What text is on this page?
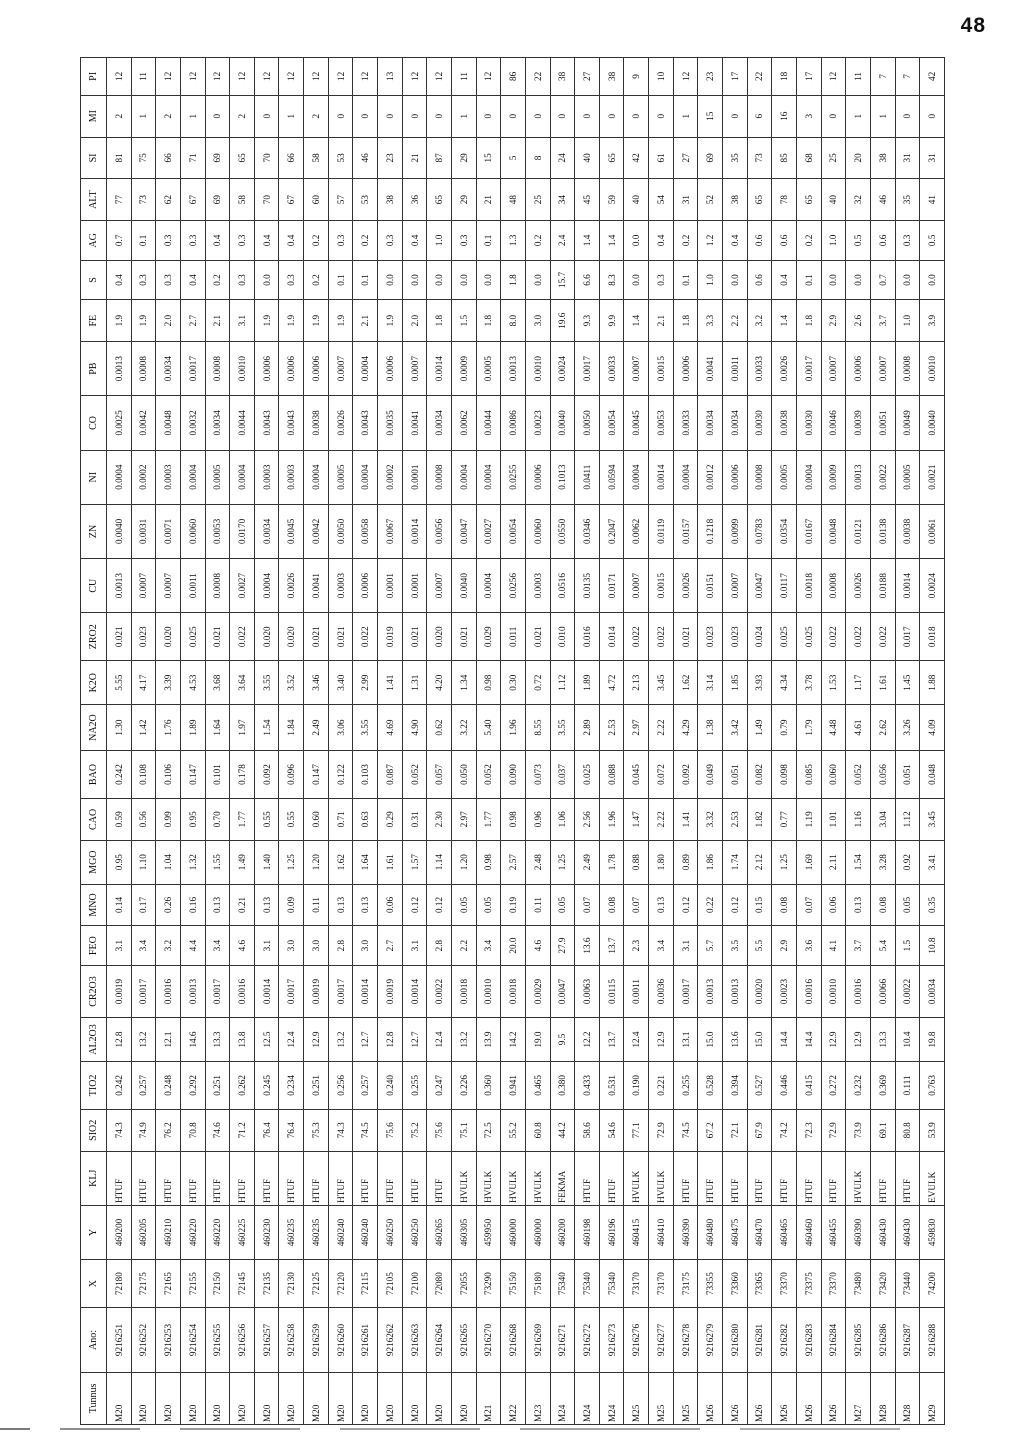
48
Tunnus	Ano:	X	Y	KLJ	SIO2	TIO2	AL2O3	CR2O3	FEO	MNO	MGO	CAO	BAO	NA2O	K2O	ZRO2	CU	ZN	NI	CO	PB	FE	S	AG	ALT	SI	MI	PI
M20	9216251	72180	460200	HTUF	74.3	0.242	12.8	0.0019	3.1	0.14	0.95	0.59	0.242	1.30	5.55	0.021	0.0013	0.0040	0.0004	0.0025	0.0013	1.9	0.4	0.7	77	81	2	12
M20	9216252	72175	460205	HTUF	74.9	0.257	13.2	0.0017	3.4	0.17	1.10	0.56	0.108	1.42	4.17	0.023	0.0007	0.0031	0.0002	0.0042	0.0008	1.9	0.3	0.1	73	75	1	11
M20	9216253	72165	460210	HTUF	76.2	0.248	12.1	0.0016	3.2	0.26	1.04	0.99	0.106	1.76	3.39	0.020	0.0007	0.0071	0.0003	0.0048	0.0034	2.0	0.3	0.3	62	66	2	12
M20	9216254	72155	460220	HTUF	70.8	0.292	14.6	0.0013	4.4	0.16	1.32	0.95	0.147	1.89	4.53	0.025	0.0011	0.0060	0.0004	0.0032	0.0017	2.7	0.4	0.3	67	71	1	12
M20	9216255	72150	460220	HTUF	74.6	0.251	13.3	0.0017	3.4	0.13	1.55	0.70	0.101	1.64	3.68	0.021	0.0008	0.0053	0.0005	0.0034	0.0008	2.1	0.2	0.4	69	69	0	12
M20	9216256	72145	460225	HTUF	71.2	0.262	13.8	0.0016	4.6	0.21	1.49	1.77	0.178	1.97	3.64	0.022	0.0027	0.0170	0.0004	0.0044	0.0010	3.1	0.3	0.3	58	65	2	12
M20	9216257	72135	460230	HTUF	76.4	0.245	12.5	0.0014	3.1	0.13	1.40	0.55	0.092	1.54	3.55	0.020	0.0004	0.0034	0.0003	0.0043	0.0006	1.9	0.0	0.4	70	70	0	12
M20	9216258	72130	460235	HTUF	76.4	0.234	12.4	0.0017	3.0	0.09	1.25	0.55	0.096	1.84	3.52	0.020	0.0026	0.0045	0.0003	0.0043	0.0006	1.9	0.3	0.4	67	66	1	12
M20	9216259	72125	460235	HTUF	75.3	0.251	12.9	0.0019	3.0	0.11	1.20	0.60	0.147	2.49	3.46	0.021	0.0041	0.0042	0.0004	0.0038	0.0006	1.9	0.2	0.2	60	58	2	12
M20	9216260	72120	460240	HTUF	74.3	0.256	13.2	0.0017	2.8	0.13	1.62	0.71	0.122	3.06	3.40	0.021	0.0003	0.0050	0.0005	0.0026	0.0007	1.9	0.1	0.3	57	53	0	12
M20	9216261	72115	460240	HTUF	74.5	0.257	12.7	0.0014	3.0	0.13	1.64	0.63	0.103	3.55	2.99	0.022	0.0006	0.0058	0.0004	0.0043	0.0004	2.1	0.1	0.2	53	46	0	12
M20	9216262	72105	460250	HTUF	75.6	0.240	12.8	0.0019	2.7	0.06	1.61	0.29	0.087	4.69	1.41	0.019	0.0001	0.0067	0.0002	0.0035	0.0006	1.9	0.0	0.3	38	23	0	13
M20	9216263	72100	460250	HTUF	75.2	0.255	12.7	0.0014	3.1	0.12	1.57	0.31	0.052	4.90	1.31	0.021	0.0001	0.0014	0.0001	0.0041	0.0007	2.0	0.0	0.4	36	21	0	12
M20	9216264	72080	460265	HTUF	75.6	0.247	12.4	0.0022	2.8	0.12	1.14	2.30	0.057	0.62	4.20	0.020	0.0007	0.0056	0.0008	0.0034	0.0014	1.8	0.0	1.0	65	87	0	12
M20	9216265	72055	460305	HVULK	75.1	0.226	13.2	0.0018	2.2	0.05	1.20	2.97	0.050	3.22	1.34	0.021	0.0040	0.0047	0.0004	0.0062	0.0009	1.5	0.0	0.3	29	29	1	11
M21	9216270	73290	459950	HVULK	72.5	0.360	13.9	0.0010	3.4	0.05	0.98	1.77	0.052	5.40	0.98	0.029	0.0004	0.0027	0.0004	0.0044	0.0005	1.8	0.0	0.1	21	15	0	12
M22	9216268	75150	460000	HVULK	55.2	0.941	14.2	0.0018	20.0	0.19	2.57	0.98	0.090	1.96	0.30	0.011	0.0256	0.0054	0.0255	0.0086	0.0013	8.0	1.8	1.3	48	5	0	86
M23	9216269	75180	460000	HVULK	60.8	0.465	19.0	0.0029	4.6	0.11	2.48	0.96	0.073	8.55	0.72	0.021	0.0003	0.0060	0.0006	0.0023	0.0010	3.0	0.0	0.2	25	8	0	22
M24	9216271	75340	460200	FEKMA	44.2	0.380	9.5	0.0047	27.9	0.05	1.25	1.06	0.037	3.55	1.12	0.010	0.0516	0.0550	0.1013	0.0040	0.0024	19.6	15.7	2.4	34	24	0	38
M24	9216272	75340	460198	HTUF	58.6	0.433	12.2	0.0063	13.6	0.07	2.49	2.56	0.025	2.89	1.89	0.016	0.0135	0.0346	0.0411	0.0050	0.0017	9.3	6.6	1.4	45	40	0	27
M24	9216273	75340	460196	HTUF	54.6	0.531	13.7	0.0115	13.7	0.08	1.78	1.96	0.088	2.53	4.72	0.014	0.0171	0.2047	0.0594	0.0054	0.0033	9.9	8.3	1.4	59	65	0	38
M25	9216276	73170	460415	HVULK	77.1	0.190	12.4	0.0011	2.3	0.07	0.88	1.47	0.045	2.97	2.13	0.022	0.0007	0.0062	0.0004	0.0045	0.0007	1.4	0.0	0.0	40	42	0	9
M25	9216277	73170	460410	HVULK	72.9	0.221	12.9	0.0036	3.4	0.13	1.80	2.22	0.072	2.22	3.45	0.022	0.0015	0.0119	0.0014	0.0053	0.0015	2.1	0.3	0.4	54	61	0	10
M25	9216278	73175	460390	HTUF	74.5	0.255	13.1	0.0017	3.1	0.12	0.89	1.41	0.092	4.29	1.62	0.021	0.0026	0.0157	0.0004	0.0033	0.0006	1.8	0.1	0.2	31	27	1	12
M26	9216279	73355	460480	HTUF	67.2	0.528	15.0	0.0013	5.7	0.22	1.86	3.32	0.049	1.38	3.14	0.023	0.0151	0.1218	0.0012	0.0034	0.0041	3.3	1.0	1.2	52	69	15	23
M26	9216280	73360	460475	HTUF	72.1	0.394	13.6	0.0013	3.5	0.12	1.74	2.53	0.051	3.42	1.85	0.023	0.0007	0.0099	0.0006	0.0034	0.0011	2.2	0.0	0.4	38	35	0	17
M26	9216281	73365	460470	HTUF	67.9	0.527	15.0	0.0020	5.5	0.15	2.12	1.82	0.082	1.49	3.93	0.024	0.0047	0.0783	0.0008	0.0030	0.0033	3.2	0.6	0.6	65	73	6	22
M26	9216282	73370	460465	HTUF	74.2	0.446	14.4	0.0023	2.9	0.08	1.25	0.77	0.098	0.79	4.34	0.025	0.0117	0.0354	0.0005	0.0038	0.0026	1.4	0.4	0.6	78	85	16	18
M26	9216283	73375	460460	HTUF	72.3	0.415	14.4	0.0016	3.6	0.07	1.69	1.19	0.085	1.79	3.78	0.025	0.0018	0.0167	0.0004	0.0030	0.0017	1.8	0.1	0.2	65	68	3	17
M26	9216284	73370	460455	HTUF	72.9	0.272	12.9	0.0010	4.1	0.06	2.11	1.01	0.060	4.48	1.53	0.022	0.0008	0.0048	0.0009	0.0046	0.0007	2.9	0.0	1.0	40	25	0	12
M27	9216285	73480	460390	HVULK	73.9	0.232	12.9	0.0016	3.7	0.13	1.54	1.16	0.052	4.61	1.17	0.022	0.0026	0.0121	0.0013	0.0039	0.0006	2.6	0.0	0.5	32	20	1	11
M28	9216286	73420	460430	HTUF	69.1	0.369	13.3	0.0066	5.4	0.08	3.28	3.04	0.056	2.62	1.61	0.022	0.0188	0.0138	0.0022	0.0051	0.0007	3.7	0.7	0.6	46	38	1	7
M28	9216287	73440	460430	HTUF	80.8	0.111	10.4	0.0022	1.5	0.05	0.92	1.12	0.051	3.26	1.45	0.017	0.0014	0.0038	0.0005	0.0049	0.0008	1.0	0.0	0.3	35	31	0	7
M29	9216288	74200	459830	EVULK	53.9	0.763	19.8	0.0034	10.8	0.35	3.41	3.45	0.048	4.09	1.88	0.018	0.0024	0.0061	0.0021	0.0040	0.0010	3.9	0.0	0.5	41	31	0	42
